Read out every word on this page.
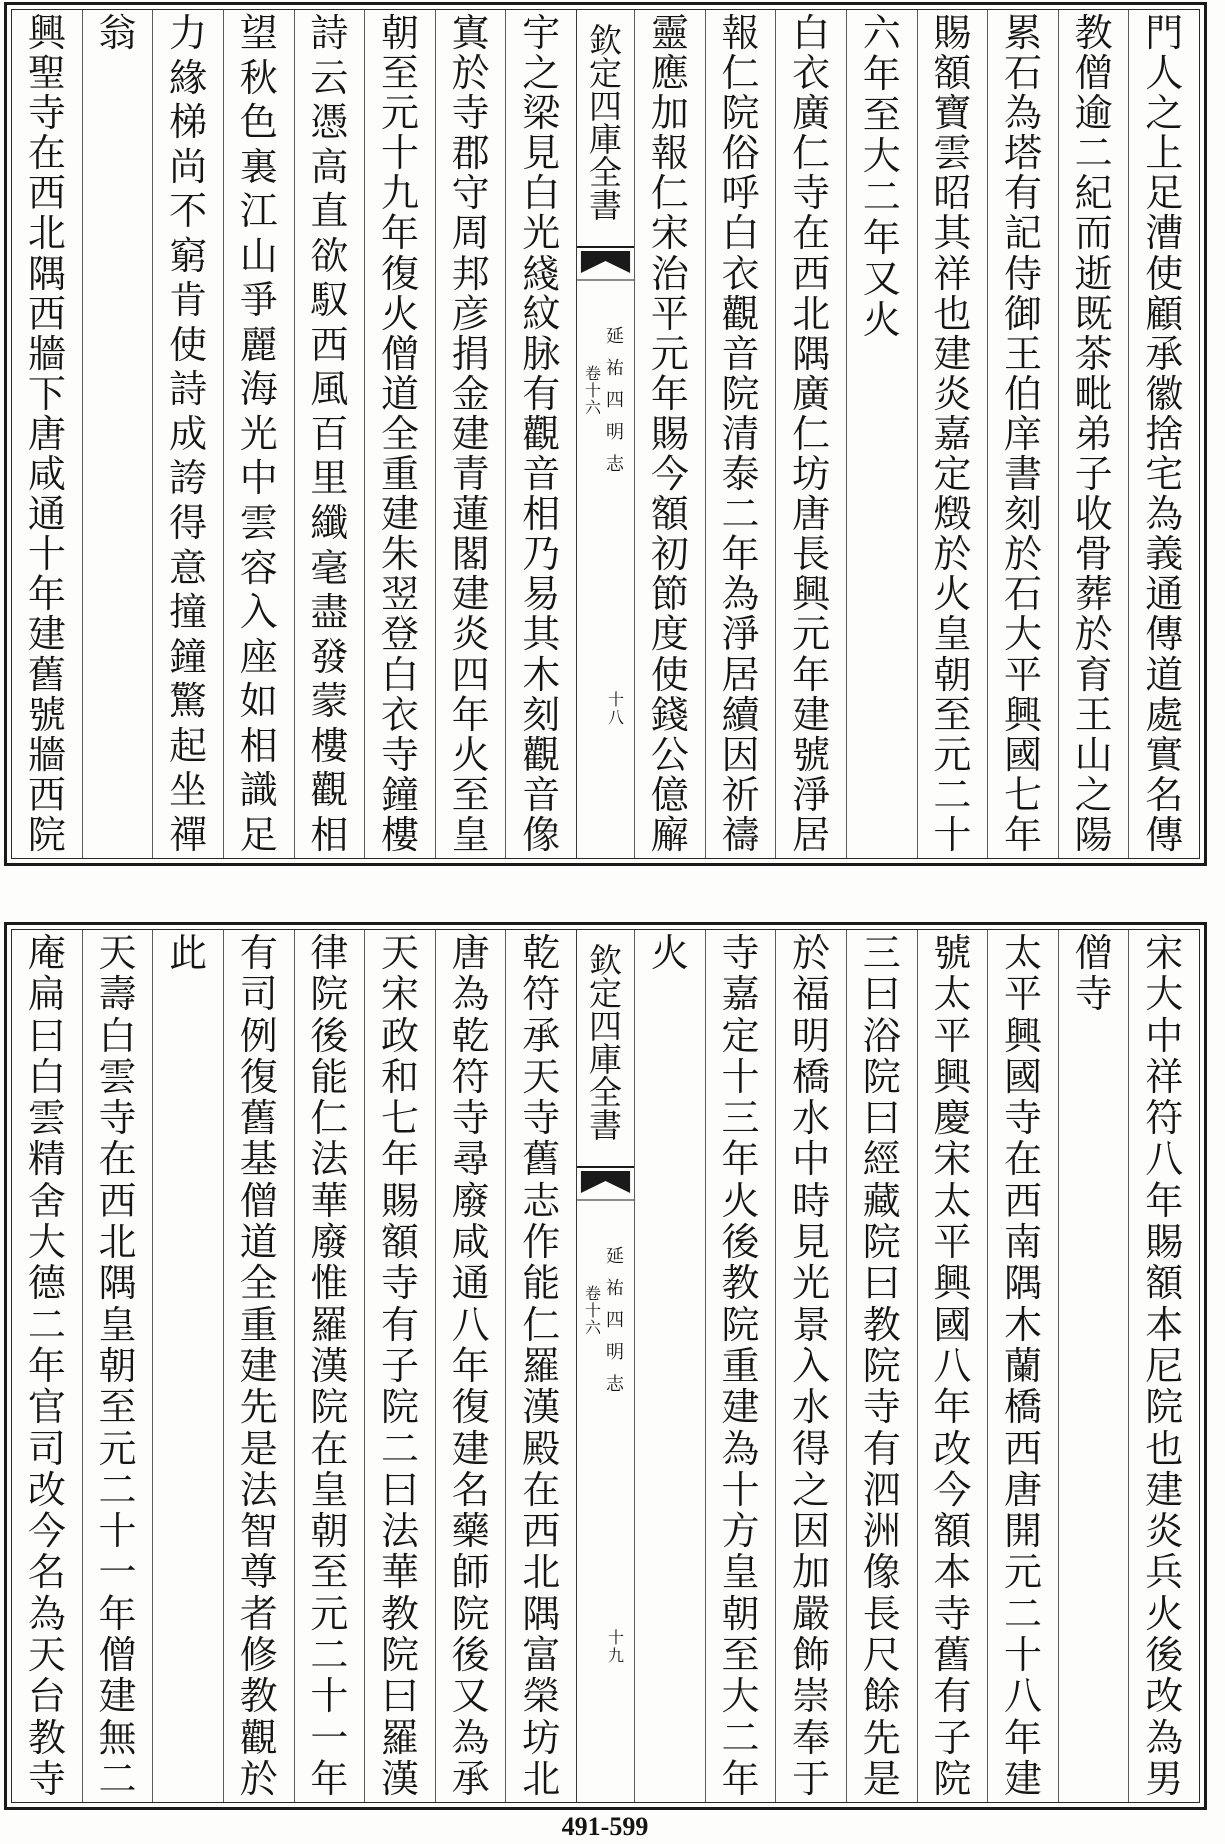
門
人
之
上
足
漕
使
顧
承
徽
捨
宅
為
義
通
傳
道
處
實
名
傳
教
僧
逾
二
紀
而
逝
既
茶
毗
弟
子
收
骨
葬
於
育
王
山
之
陽
累
石
為
塔
有
記
侍
御
王
伯
庠
書
刻
於
石
大
平
興
國
七
年
賜
額
寶
雲
昭
其
祥
也
建
炎
嘉
定
燬
於
火
皇
朝
至
元
二
十
六
年
至
大
二
年
又
火
白
衣
廣
仁
寺
在
西
北
隅
廣
仁
坊
唐
長
興
元
年
建
號
淨
居
報
仁
院
俗
呼
白
衣
觀
音
院
清
泰
二
年
為
淨
居
續
因
祈
禱
靈
應
加
報
仁
宋
治
平
元
年
賜
今
額
初
節
度
使
錢
公
億
廨
欽
定
四
庫
全
書
延
祐
四
明
志
卷
十
六
十
八
宇
之
梁
見
白
光
綫
紋
脉
有
觀
音
相
乃
易
其
木
刻
觀
音
像
寘
於
寺
郡
守
周
邦
彦
捐
金
建
青
蓮
閣
建
炎
四
年
火
至
皇
朝
至
元
十
九
年
復
火
僧
道
全
重
建
朱
翌
登
白
衣
寺
鐘
樓
詩
云
憑
高
直
欲
馭
西
風
百
里
纖
毫
盡
發
蒙
樓
觀
相
望
秋
色
裏
江
山
爭
麗
海
光
中
雲
容
入
座
如
相
識
足
力
緣
梯
尚
不
窮
肯
使
詩
成
誇
得
意
撞
鐘
驚
起
坐
禪
翁
興
聖
寺
在
西
北
隅
西
牆
下
唐
咸
通
十
年
建
舊
號
牆
西
院
宋
大
中
祥
符
八
年
賜
額
本
尼
院
也
建
炎
兵
火
後
改
為
男
僧
寺
太
平
興
國
寺
在
西
南
隅
木
蘭
橋
西
唐
開
元
二
十
八
年
建
號
太
平
興
慶
宋
太
平
興
國
八
年
改
今
額
本
寺
舊
有
子
院
三
曰
浴
院
曰
經
藏
院
曰
教
院
寺
有
泗
洲
像
長
尺
餘
先
是
於
福
明
橋
水
中
時
見
光
景
入
水
得
之
因
加
嚴
飾
崇
奉
于
寺
嘉
定
十
三
年
火
後
教
院
重
建
為
十
方
皇
朝
至
大
二
年
火
欽
定
四
庫
全
書
延
祐
四
明
志
卷
十
六
十
九
乾
符
承
天
寺
舊
志
作
能
仁
羅
漢
殿
在
西
北
隅
富
榮
坊
北
唐
為
乾
符
寺
尋
廢
咸
通
八
年
復
建
名
藥
師
院
後
又
為
承
天
宋
政
和
七
年
賜
額
寺
有
子
院
二
曰
法
華
教
院
曰
羅
漢
律
院
後
能
仁
法
華
廢
惟
羅
漢
院
在
皇
朝
至
元
二
十
一
年
有
司
例
復
舊
基
僧
道
全
重
建
先
是
法
智
尊
者
修
教
觀
於
此
天
壽
白
雲
寺
在
西
北
隅
皇
朝
至
元
二
十
一
年
僧
建
無
二
庵
扁
曰
白
雲
精
舍
大
德
二
年
官
司
改
今
名
為
天
台
教
寺
491-599
